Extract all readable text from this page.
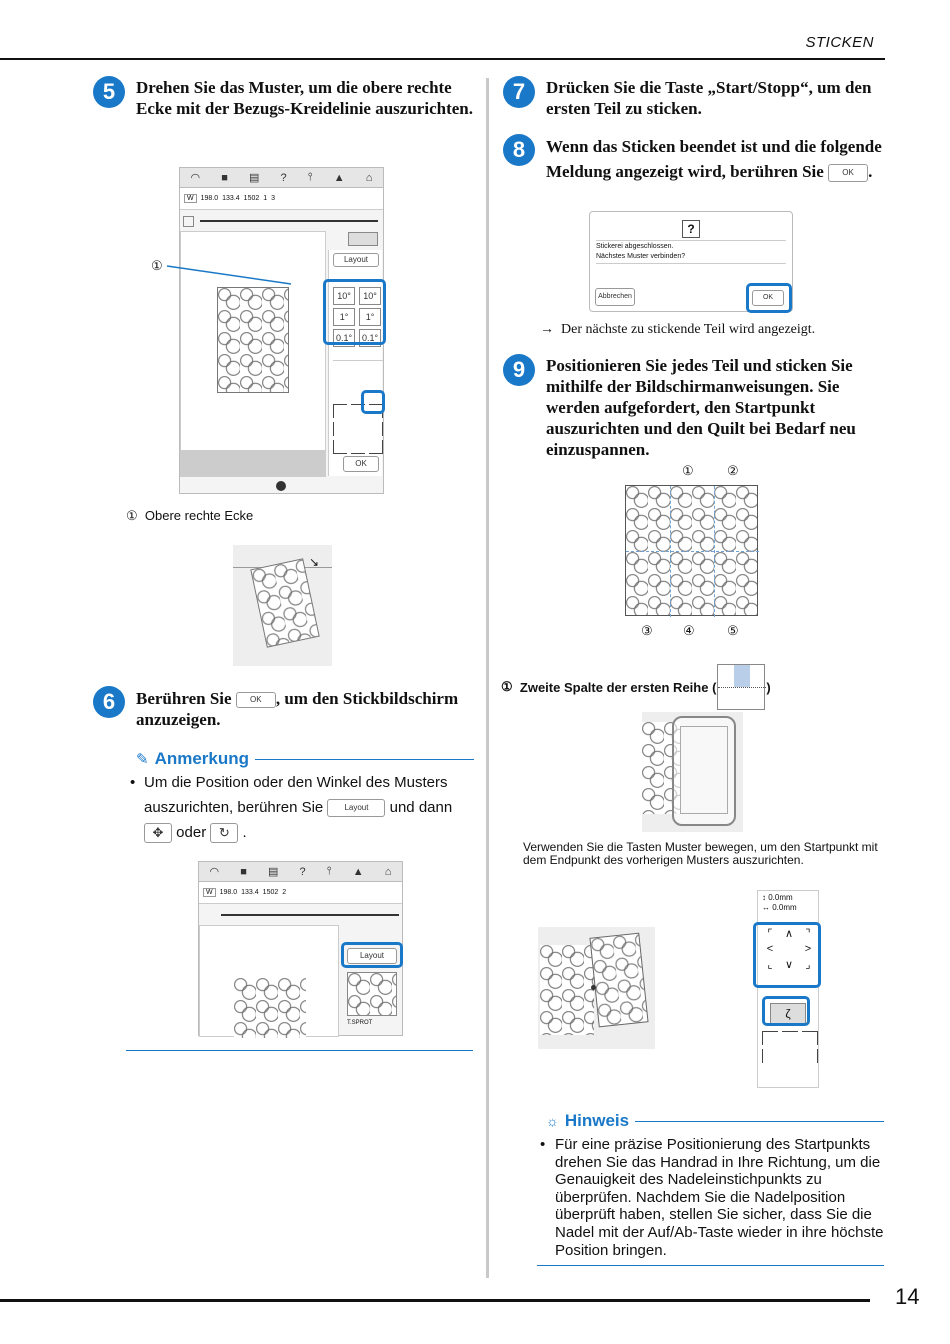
STICKEN
5	Drehen Sie das Muster, um die obere rechte Ecke mit der Bezugs-Kreidelinie auszurichten.
◠ ■ ▤ ? ⫯ ▲ ⌂
W	198.0 133.4 1502 1 3
Layout
10°	10°
1°	1°
0.1°	0.1°
OK
①
① Obere rechte Ecke
↘
6	Berühren Sie OK , um den Stickbildschirm anzuzeigen.
✎ Anmerkung
• Um die Position oder den Winkel des Musters auszurichten, berühren Sie	Layout und dann
✥ oder ↻ .
◠ ■ ▤ ? ⫯ ▲ ⌂
W	198.0 133.4 1502 2
Layout
T.SPROT
7	Drücken Sie die Taste „Start/Stopp“, um den ersten Teil zu sticken.
8	Wenn das Sticken beendet ist und die folgende Meldung angezeigt wird, berühren Sie OK .
?
Stickerei abgeschlossen.
Nächstes Muster verbinden?
Abbrechen	OK
→ Der nächste zu stickende Teil wird angezeigt.
9	Positionieren Sie jedes Teil und sticken Sie mithilfe der Bildschirmanweisungen. Sie werden aufgefordert, den Startpunkt auszurichten und den Quilt bei Bedarf neu einzuspannen.
①	②
③ ④ ⑤
①
Zweite Spalte der ersten Reihe (	)
Verwenden Sie die Tasten Muster bewegen, um den Startpunkt mit dem Endpunkt des vorherigen Musters auszurichten.
↕ 0.0mm
↔ 0.0mm
⌜	∧	⌝
<	>
⌞	∨	⌟
ζ
☼ Hinweis
• Für eine präzise Positionierung des Startpunkts drehen Sie das Handrad in Ihre Richtung, um die Genauigkeit des Nadeleinstichpunkts zu überprüfen. Nachdem Sie die Nadelposition überprüft haben, stellen Sie sicher, dass Sie die Nadel mit der Auf/Ab-Taste wieder in ihre höchste Position bringen.
14
